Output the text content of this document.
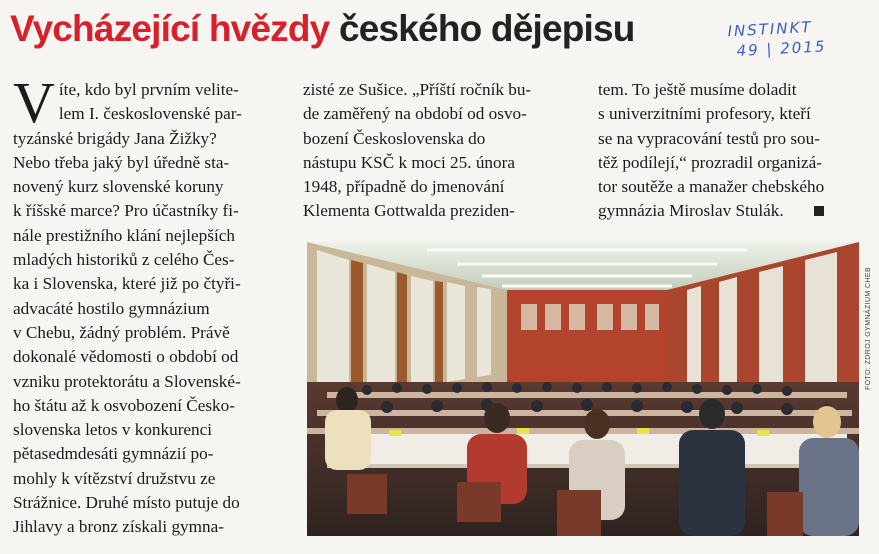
Vycházející hvězdy českého dějepisu	INSTINKT
49 | 2015
V íte, kdo byl prvním velite-
lem I. československé par-
tyzánské brigády Jana Žižky?
Nebo třeba jaký byl úředně sta-
novený kurz slovenské koruny
k říšské marce? Pro účastníky fi-
nále prestižního klání nejlepších
mladých historiků z celého Čes-
ka i Slovenska, které již po čtyři-
advacáté hostilo gymnázium
v Chebu, žádný problém. Právě
dokonalé vědomosti o období od
vzniku protektorátu a Slovenské-
ho štátu až k osvobození Česko-
slovenska letos v konkurenci
pětasedmdesáti gymnázií po-
mohly k vítězství družstvu ze
Strážnice. Druhé místo putuje do
Jihlavy a bronz získali gymna-
zisté ze Sušice. „Příští ročník bu-
de zaměřený na období od osvo-
bození Československa do
nástupu KSČ k moci 25. února
1948, případně do jmenování
Klementa Gottwalda preziden-
tem. To ještě musíme doladit
s univerzitními profesory, kteří
se na vypracování testů pro sou-
těž podílejí,“ prozradil organizá-
tor soutěže a manažer chebského
gymnázia Miroslav Stulák.
FOTO: ZDROJ GYMNÁZIUM CHEB
